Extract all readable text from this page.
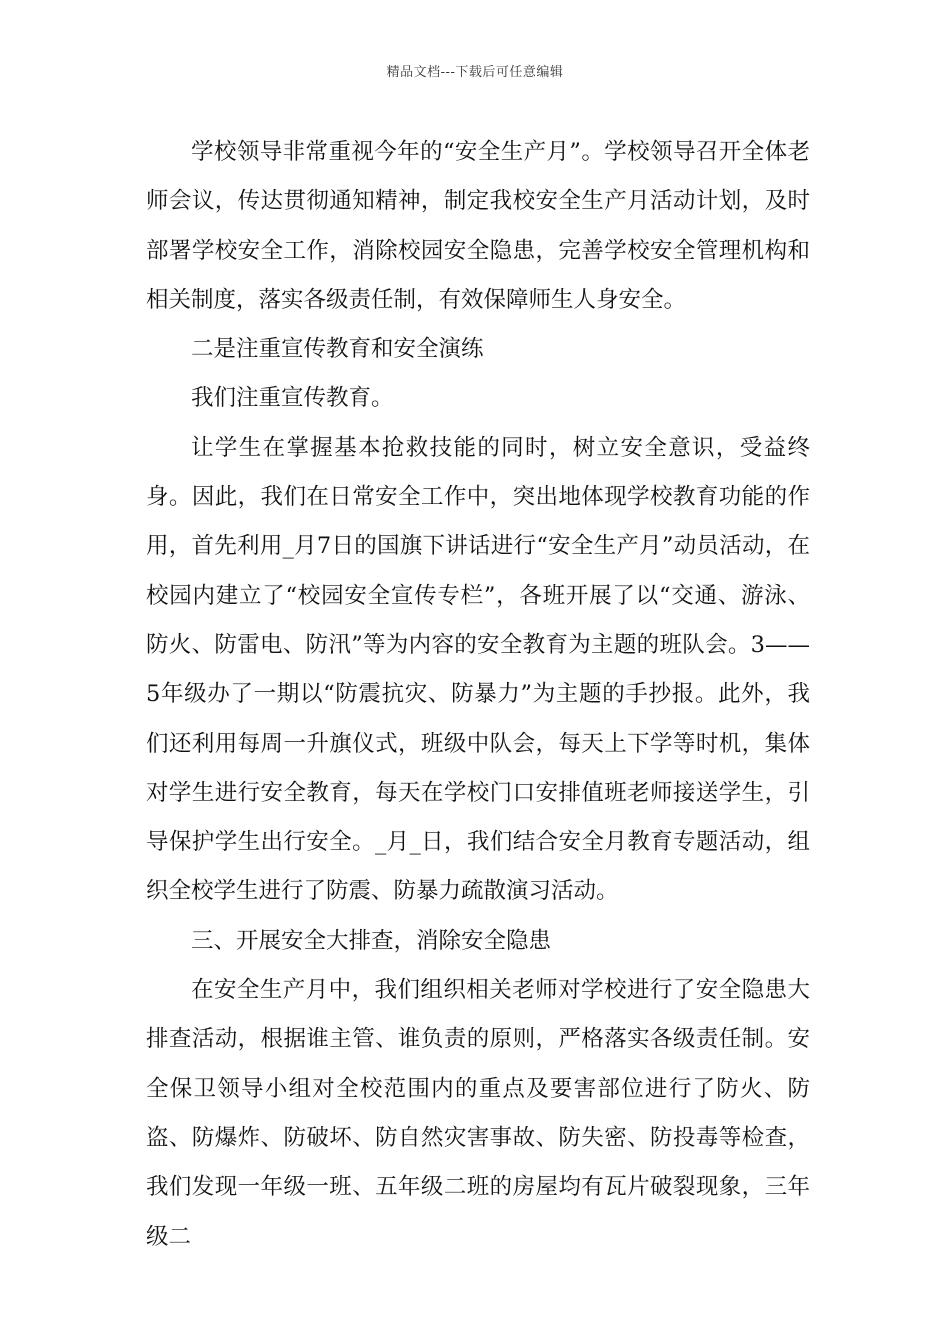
精品文档---下载后可任意编辑

学校领导非常重视今年的“安全生产月”。学校领导召开全体老师会议，传达贯彻通知精神，制定我校安全生产月活动计划，及时部署学校安全工作，消除校园安全隐患，完善学校安全管理机构和相关制度，落实各级责任制，有效保障师生人身安全。

二是注重宣传教育和安全演练

我们注重宣传教育。

让学生在掌握基本抢救技能的同时，树立安全意识，受益终身。因此，我们在日常安全工作中，突出地体现学校教育功能的作用，首先利用_月7日的国旗下讲话进行“安全生产月”动员活动，在校园内建立了“校园安全宣传专栏”，各班开展了以“交通、游泳、防火、防雷电、防汛”等为内容的安全教育为主题的班队会。3——5年级办了一期以“防震抗灾、防暴力”为主题的手抄报。此外，我们还利用每周一升旗仪式，班级中队会，每天上下学等时机，集体对学生进行安全教育，每天在学校门口安排值班老师接送学生，引导保护学生出行安全。_月_日，我们结合安全月教育专题活动，组织全校学生进行了防震、防暴力疏散演习活动。

三、开展安全大排查，消除安全隐患

在安全生产月中，我们组织相关老师对学校进行了安全隐患大排查活动，根据谁主管、谁负责的原则，严格落实各级责任制。安全保卫领导小组对全校范围内的重点及要害部位进行了防火、防盗、防爆炸、防破坏、防自然灾害事故、防失密、防投毒等检查，我们发现一年级一班、五年级二班的房屋均有瓦片破裂现象，三年级二
